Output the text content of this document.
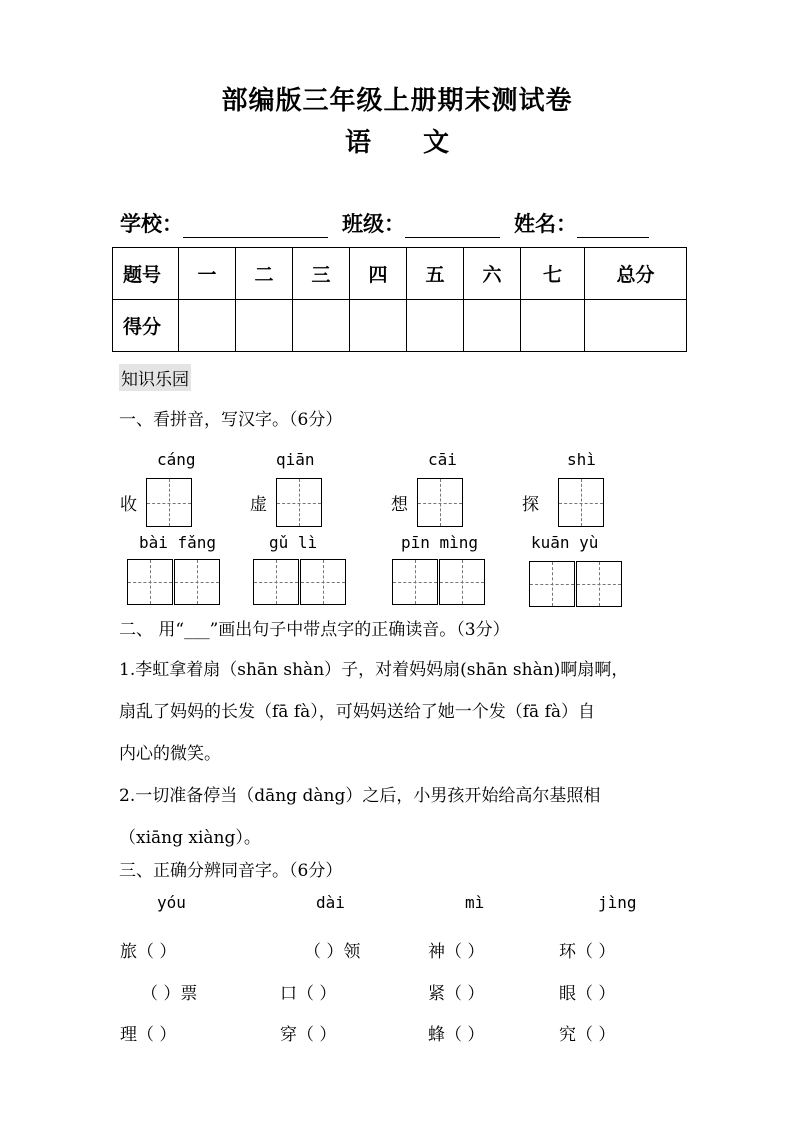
部编版三年级上册期末测试卷
语 文
学校：	班级：	姓名：
题号	一	二	三	四	五	六	七	总分
得分								
知识乐园
一、看拼音，写汉字。（6分）
cáng	qiān	cāi	shì
收	虚	想	探
bài fǎng	gǔ lì	pīn mìng	kuān yù
二、 用“___”画出句子中带点字的正确读音。（3分）
1.李虹拿着扇（shān shàn）子，对着妈妈扇(shān shàn)啊扇啊，
扇乱了妈妈的长发（fā fà），可妈妈送给了她一个发（fā fà）自
内心的微笑。
2.一切准备停当（dāng dàng）之后，小男孩开始给高尔基照相
（xiāng xiàng）。
三、正确分辨同音字。（6分）
yóu	dài	mì	jìng
旅（ ）	（ ）领	神（ ）	环（ ）
（ ）票	口（ ）	紧（ ）	眼（ ）
理（ ）	穿（ ）	蜂（ ）	究（ ）
